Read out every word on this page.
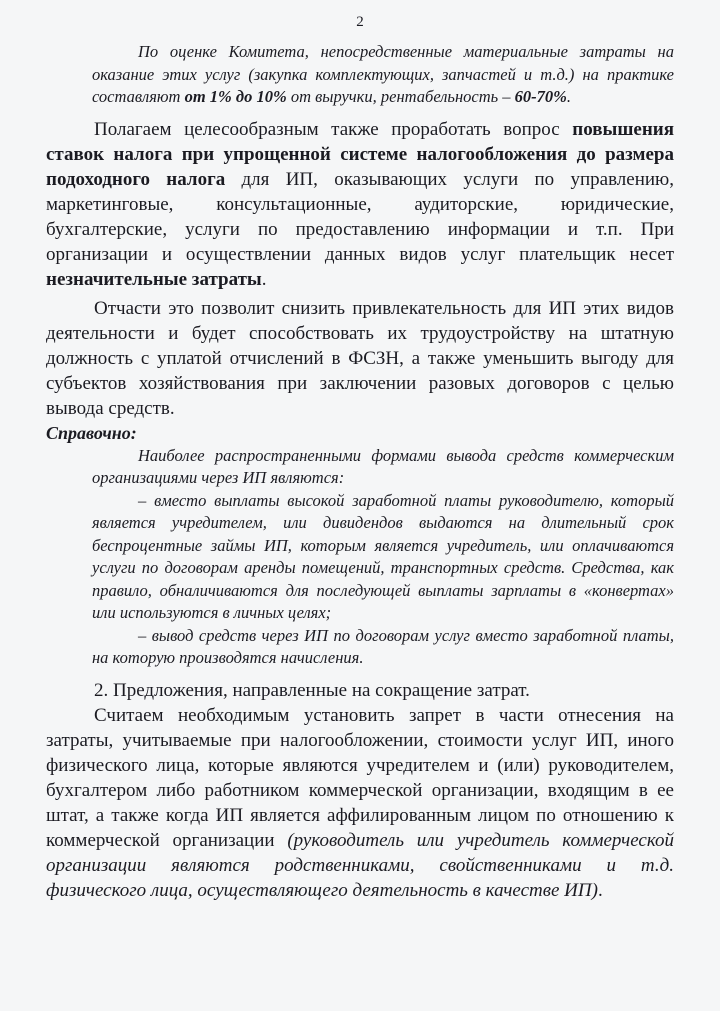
2

По оценке Комитета, непосредственные материальные затраты на оказание этих услуг (закупка комплектующих, запчастей и т.д.) на практике составляют от 1% до 10% от выручки, рентабельность – 60-70%.

Полагаем целесообразным также проработать вопрос повышения ставок налога при упрощенной системе налогообложения до размера подоходного налога для ИП, оказывающих услуги по управлению, маркетинговые, консультационные, аудиторские, юридические, бухгалтерские, услуги по предоставлению информации и т.п. При организации и осуществлении данных видов услуг плательщик несет незначительные затраты.

Отчасти это позволит снизить привлекательность для ИП этих видов деятельности и будет способствовать их трудоустройству на штатную должность с уплатой отчислений в ФСЗН, а также уменьшить выгоду для субъектов хозяйствования при заключении разовых договоров с целью вывода средств.

Справочно:

Наиболее распространенными формами вывода средств коммерческим организациями через ИП являются:

– вместо выплаты высокой заработной платы руководителю, который является учредителем, или дивидендов выдаются на длительный срок беспроцентные займы ИП, которым является учредитель, или оплачиваются услуги по договорам аренды помещений, транспортных средств. Средства, как правило, обналичиваются для последующей выплаты зарплаты в «конвертах» или используются в личных целях;

– вывод средств через ИП по договорам услуг вместо заработной платы, на которую производятся начисления.

2. Предложения, направленные на сокращение затрат.

Считаем необходимым установить запрет в части отнесения на затраты, учитываемые при налогообложении, стоимости услуг ИП, иного физического лица, которые являются учредителем и (или) руководителем, бухгалтером либо работником коммерческой организации, входящим в ее штат, а также когда ИП является аффилированным лицом по отношению к коммерческой организации (руководитель или учредитель коммерческой организации являются родственниками, свойственниками и т.д. физического лица, осуществляющего деятельность в качестве ИП).
